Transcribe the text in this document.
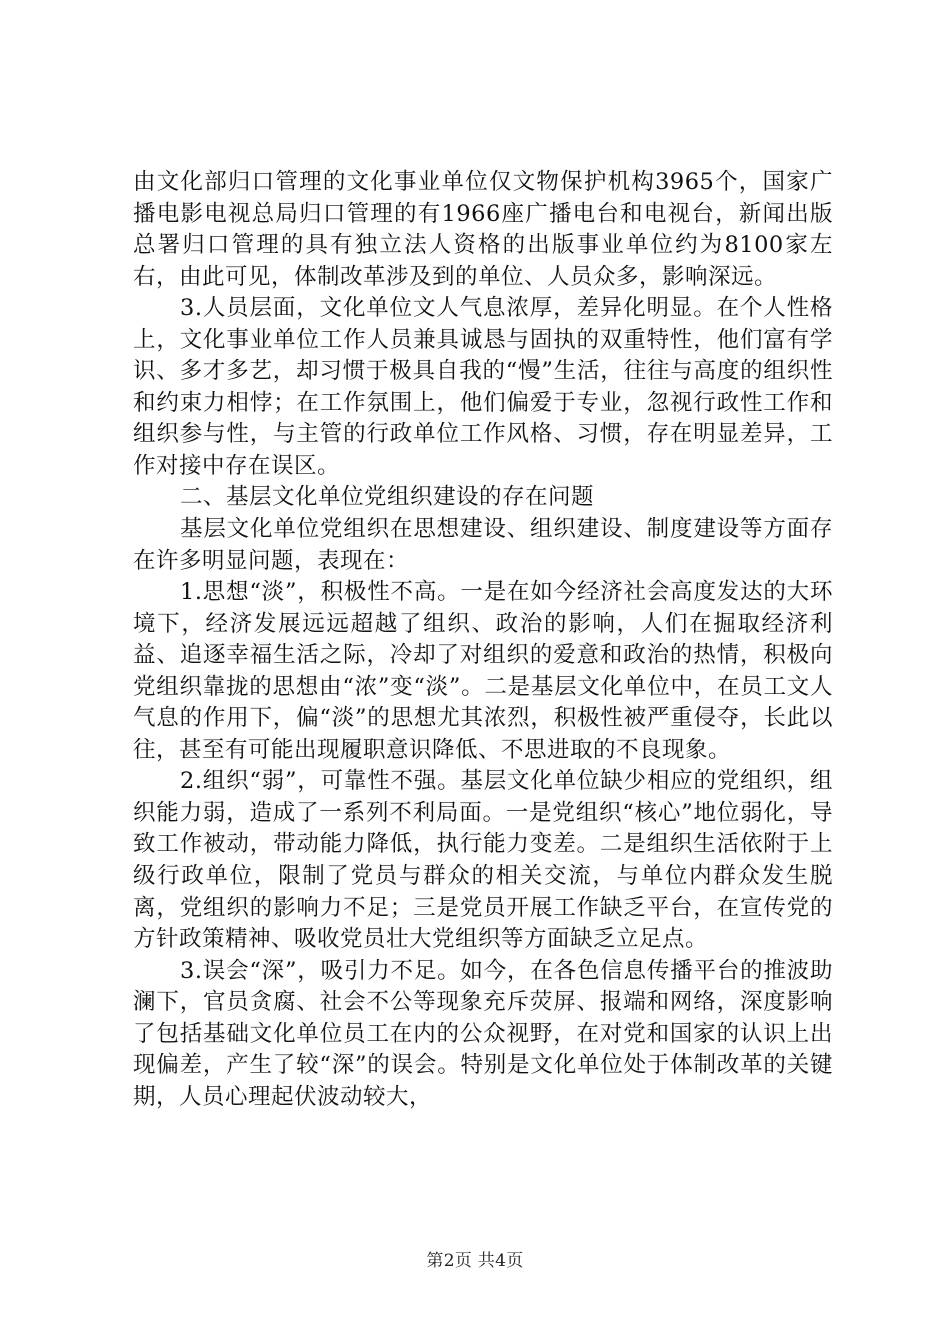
由文化部归口管理的文化事业单位仅文物保护机构3965个，国家广播电影电视总局归口管理的有1966座广播电台和电视台，新闻出版总署归口管理的具有独立法人资格的出版事业单位约为8100家左右，由此可见，体制改革涉及到的单位、人员众多，影响深远。

3.人员层面，文化单位文人气息浓厚，差异化明显。在个人性格上，文化事业单位工作人员兼具诚恳与固执的双重特性，他们富有学识、多才多艺，却习惯于极具自我的“慢”生活，往往与高度的组织性和约束力相悖；在工作氛围上，他们偏爱于专业，忽视行政性工作和组织参与性，与主管的行政单位工作风格、习惯，存在明显差异，工作对接中存在误区。

二、基层文化单位党组织建设的存在问题

基层文化单位党组织在思想建设、组织建设、制度建设等方面存在许多明显问题，表现在：

1.思想“淡”，积极性不高。一是在如今经济社会高度发达的大环境下，经济发展远远超越了组织、政治的影响，人们在掘取经济利益、追逐幸福生活之际，冷却了对组织的爱意和政治的热情，积极向党组织靠拢的思想由“浓”变“淡”。二是基层文化单位中，在员工文人气息的作用下，偏“淡”的思想尤其浓烈，积极性被严重侵夺，长此以往，甚至有可能出现履职意识降低、不思进取的不良现象。

2.组织“弱”，可靠性不强。基层文化单位缺少相应的党组织，组织能力弱，造成了一系列不利局面。一是党组织“核心”地位弱化，导致工作被动，带动能力降低，执行能力变差。二是组织生活依附于上级行政单位，限制了党员与群众的相关交流，与单位内群众发生脱离，党组织的影响力不足；三是党员开展工作缺乏平台，在宣传党的方针政策精神、吸收党员壮大党组织等方面缺乏立足点。

3.误会“深”，吸引力不足。如今，在各色信息传播平台的推波助澜下，官员贪腐、社会不公等现象充斥荧屏、报端和网络，深度影响了包括基础文化单位员工在内的公众视野，在对党和国家的认识上出现偏差，产生了较“深”的误会。特别是文化单位处于体制改革的关键期，人员心理起伏波动较大，

第2页 共4页
